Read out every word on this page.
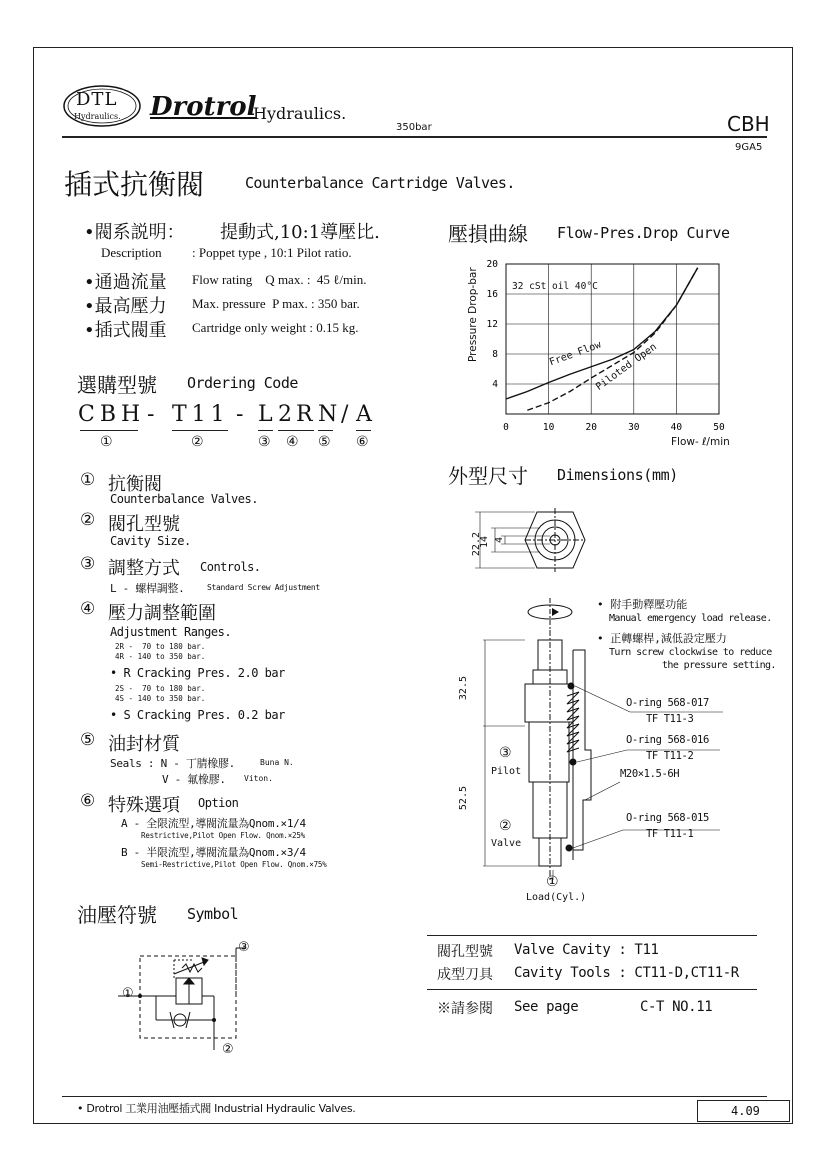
DTL
Hydraulics. Drotrol
Hydraulics.
350bar	CBH
9GA5
插式抗衡閥	Counterbalance Cartridge Valves.
•閥系説明： 提動式,10:1導壓比.
Description : Poppet type , 10:1 Pilot ratio.
•通過流量 Flow rating    Q max. :  45 ℓ/min.
•最高壓力 Max. pressure  P max. : 350 bar.
•插式閥重 Cartridge only weight : 0.15 kg.
選購型號 Ordering Code
CBH - T11 - L 2R N / A
①	②	③ ④ ⑤ ⑥
① 抗衡閥
Counterbalance Valves.
② 閥孔型號
Cavity Size.
③ 調整方式 Controls.
L - 螺桿調整.	Standard Screw Adjustment
④ 壓力調整範圍
Adjustment Ranges.
2R -  70 to 180 bar.
4R - 140 to 350 bar.
• R Cracking Pres. 2.0 bar
2S -  70 to 180 bar.
4S - 140 to 350 bar.
• S Cracking Pres. 0.2 bar
⑤ 油封材質
Seals : N - 丁腈橡膠.	Buna N.
V - 氟橡膠. Viton.
⑥ 特殊選項 Option
A - 全限流型,導閥流量為Qnom.×1/4
Restrictive,Pilot Open Flow. Qnom.×25%
B - 半限流型,導閥流量為Qnom.×3/4
Semi-Restrictive,Pilot Open Flow. Qnom.×75%
油壓符號 Symbol
③
①
②
壓損曲線 Flow-Pres.Drop Curve
0	10	20	30	40	50
4
8
12
16
20
Pressure Drop-bar
Flow- ℓ/min
32 cSt oil 40°C
Free Flow
Piloted Open
外型尺寸 Dimensions(mm)
22.2
14 4
32.5
52.5
• 附手動釋壓功能
Manual emergency load release.
• 正轉螺桿,減低設定壓力
Turn screw clockwise to reduce
the pressure setting.
O-ring 568-017
TF T11-3
O-ring 568-016
TF T11-2
M20×1.5-6H
O-ring 568-015
TF T11-1
③
Pilot
②
Valve
①
Load(Cyl.)
閥孔型號 Valve Cavity : T11
成型刀具 Cavity Tools : CT11-D,CT11-R
※請参閱 See page	C-T NO.11
• Drotrol 工業用油壓插式閥 Industrial Hydraulic Valves.	4.09
